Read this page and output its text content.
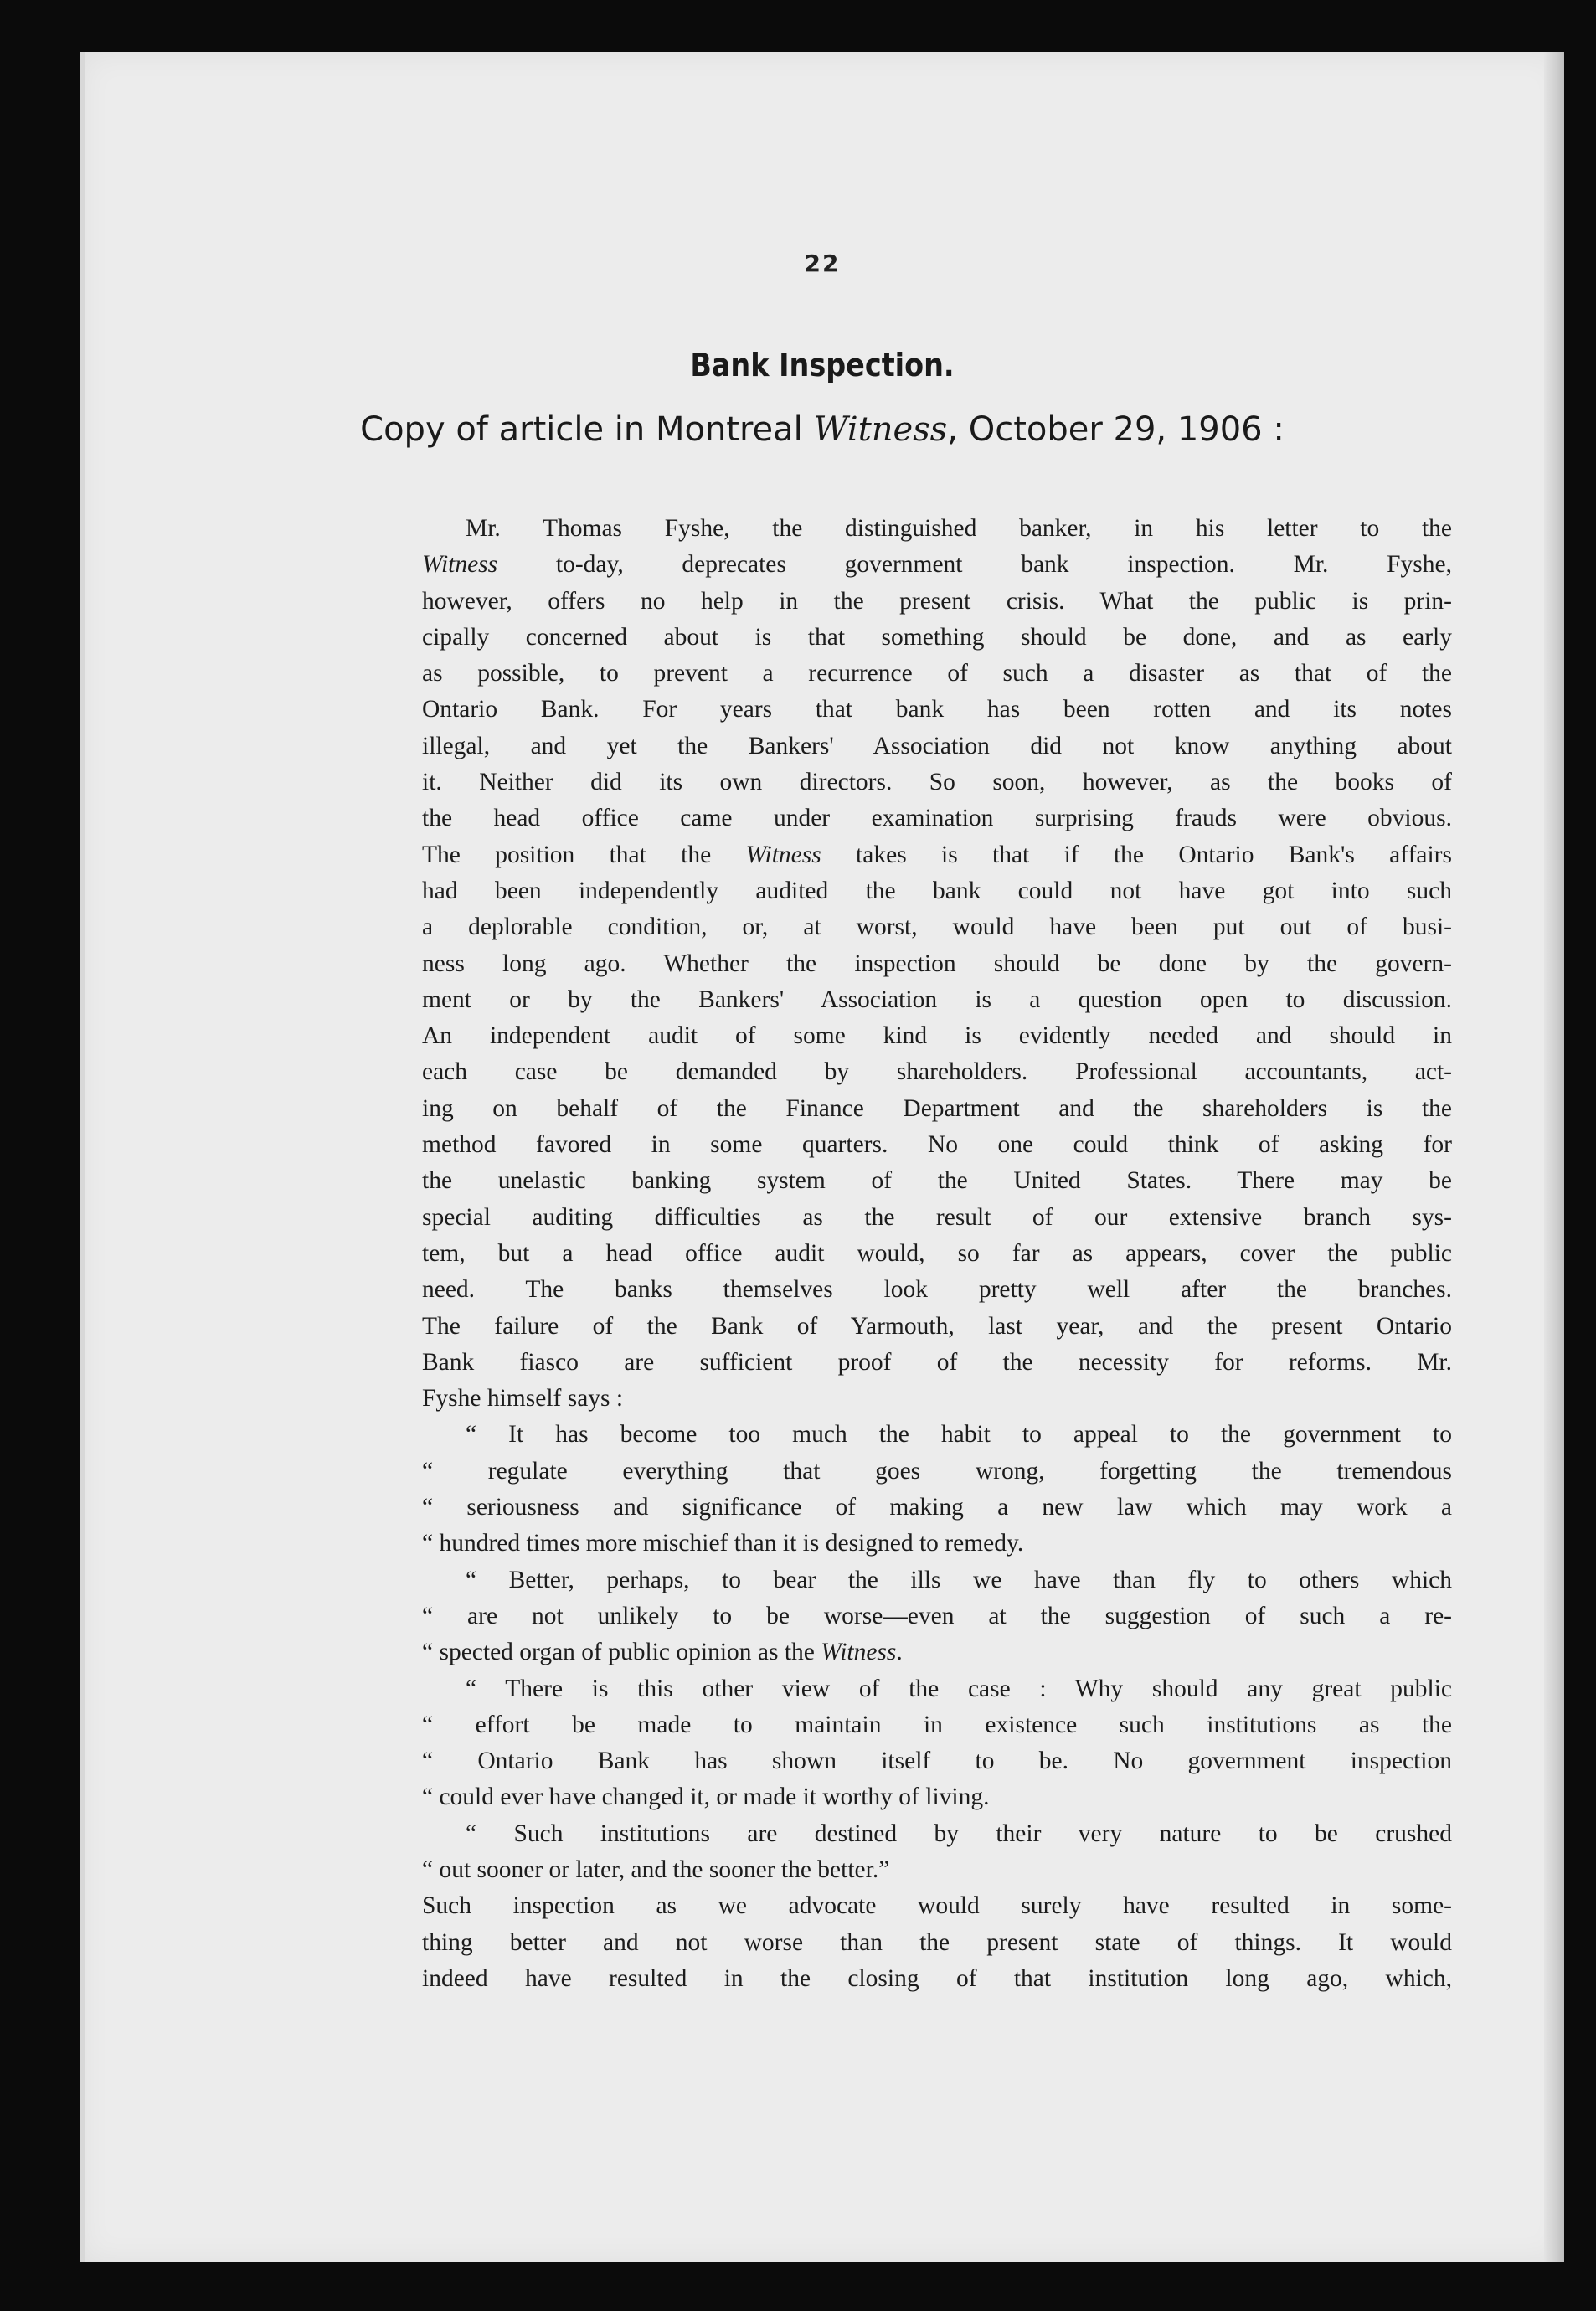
22
Bank Inspection.
Copy of article in Montreal Witness, October 29, 1906 :
Mr. Thomas Fyshe, the distinguished banker, in his letter to the
Witness to-day, deprecates government bank inspection. Mr. Fyshe,
however, offers no help in the present crisis. What the public is prin-
cipally concerned about is that something should be done, and as early
as possible, to prevent a recurrence of such a disaster as that of the
Ontario Bank. For years that bank has been rotten and its notes
illegal, and yet the Bankers' Association did not know anything about
it. Neither did its own directors. So soon, however, as the books of
the head office came under examination surprising frauds were obvious.
The position that the Witness takes is that if the Ontario Bank's affairs
had been independently audited the bank could not have got into such
a deplorable condition, or, at worst, would have been put out of busi-
ness long ago. Whether the inspection should be done by the govern-
ment or by the Bankers' Association is a question open to discussion.
An independent audit of some kind is evidently needed and should in
each case be demanded by shareholders. Professional accountants, act-
ing on behalf of the Finance Department and the shareholders is the
method favored in some quarters. No one could think of asking for
the unelastic banking system of the United States. There may be
special auditing difficulties as the result of our extensive branch sys-
tem, but a head office audit would, so far as appears, cover the public
need. The banks themselves look pretty well after the branches.
The failure of the Bank of Yarmouth, last year, and the present Ontario
Bank fiasco are sufficient proof of the necessity for reforms. Mr.
Fyshe himself says :
“ It has become too much the habit to appeal to the government to
“ regulate everything that goes wrong, forgetting the tremendous
“ seriousness and significance of making a new law which may work a
“ hundred times more mischief than it is designed to remedy.
“ Better, perhaps, to bear the ills we have than fly to others which
“ are not unlikely to be worse—even at the suggestion of such a re-
“ spected organ of public opinion as the Witness.
“ There is this other view of the case : Why should any great public
“ effort be made to maintain in existence such institutions as the
“ Ontario Bank has shown itself to be. No government inspection
“ could ever have changed it, or made it worthy of living.
“ Such institutions are destined by their very nature to be crushed
“ out sooner or later, and the sooner the better.”
Such inspection as we advocate would surely have resulted in some-
thing better and not worse than the present state of things. It would
indeed have resulted in the closing of that institution long ago, which,
